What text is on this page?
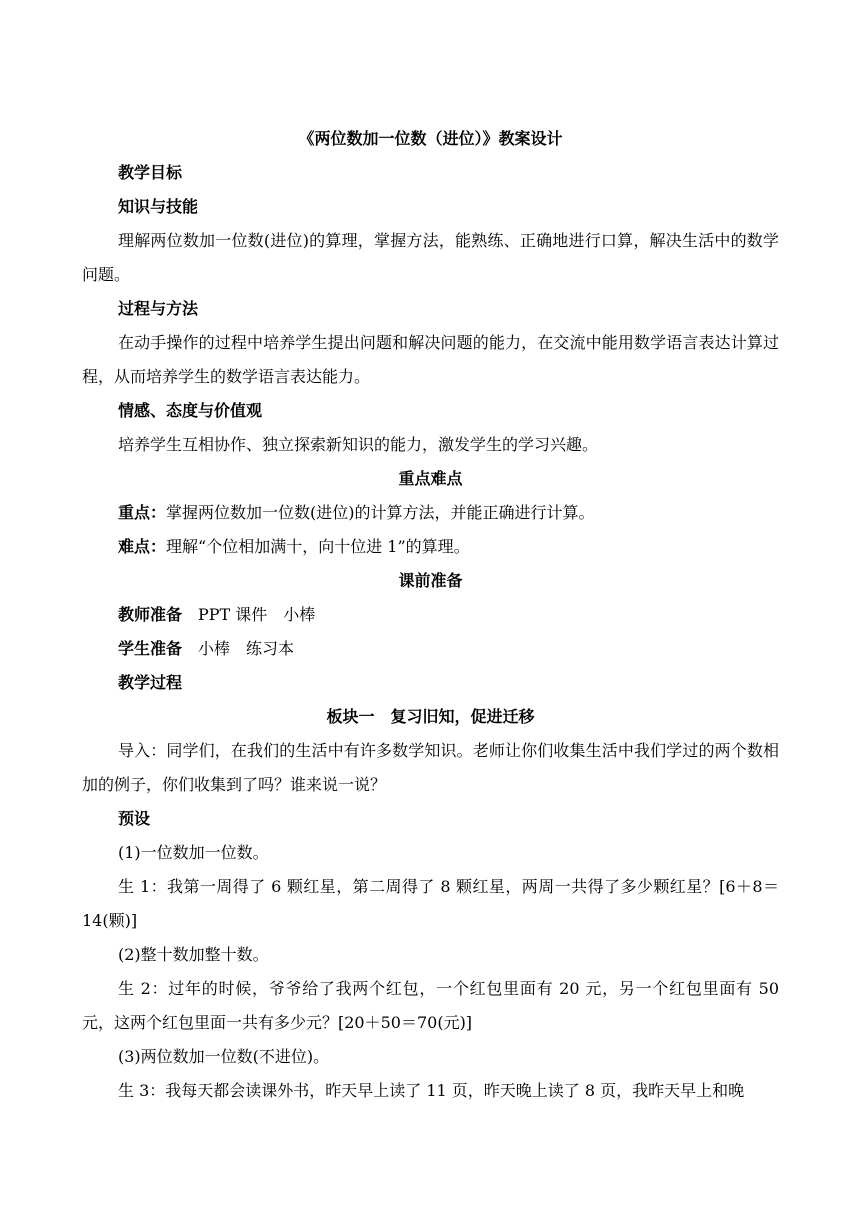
《两位数加一位数（进位）》教案设计
教学目标
知识与技能
理解两位数加一位数(进位)的算理，掌握方法，能熟练、正确地进行口算，解决生活中的数学问题。
过程与方法
在动手操作的过程中培养学生提出问题和解决问题的能力，在交流中能用数学语言表达计算过程，从而培养学生的数学语言表达能力。
情感、态度与价值观
培养学生互相协作、独立探索新知识的能力，激发学生的学习兴趣。
重点难点
重点：掌握两位数加一位数(进位)的计算方法，并能正确进行计算。
难点：理解“个位相加满十，向十位进 1”的算理。
课前准备
教师准备 PPT 课件　小棒
学生准备 小棒　练习本
教学过程
板块一　复习旧知，促进迁移
导入：同学们，在我们的生活中有许多数学知识。老师让你们收集生活中我们学过的两个数相加的例子，你们收集到了吗？谁来说一说？
预设
(1)一位数加一位数。
生 1：我第一周得了 6 颗红星，第二周得了 8 颗红星，两周一共得了多少颗红星？[6＋8＝14(颗)]
(2)整十数加整十数。
生 2：过年的时候，爷爷给了我两个红包，一个红包里面有 20 元，另一个红包里面有 50 元，这两个红包里面一共有多少元？[20＋50＝70(元)]
(3)两位数加一位数(不进位)。
生 3：我每天都会读课外书，昨天早上读了 11 页，昨天晚上读了 8 页，我昨天早上和晚
